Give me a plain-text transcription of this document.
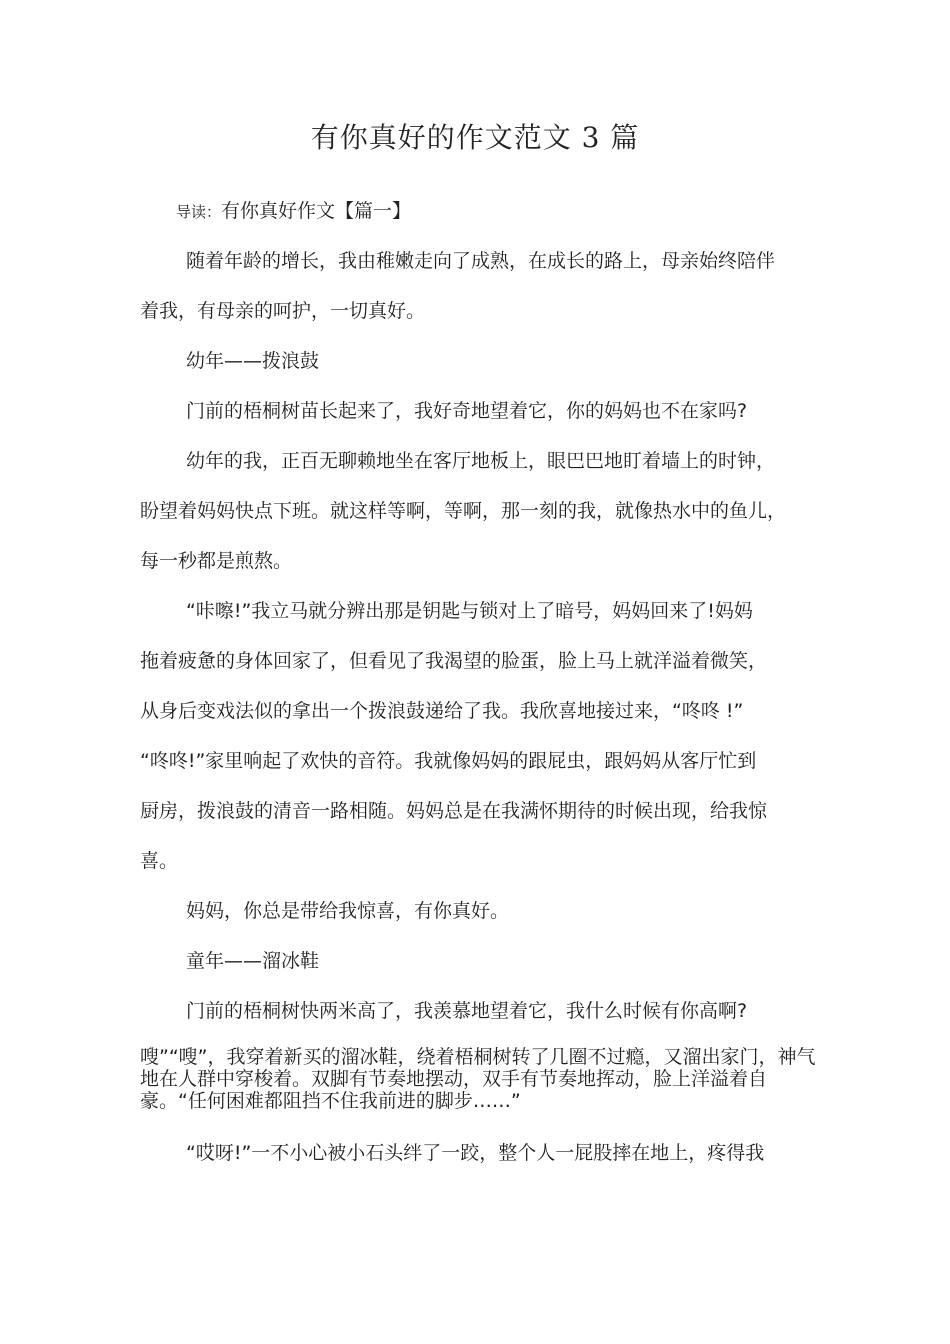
有你真好的作文范文 3 篇
导读：有你真好作文【篇一】
随着年龄的增长，我由稚嫩走向了成熟，在成长的路上，母亲始终陪伴
着我，有母亲的呵护，一切真好。
幼年——拨浪鼓
门前的梧桐树苗长起来了，我好奇地望着它，你的妈妈也不在家吗?
幼年的我，正百无聊赖地坐在客厅地板上，眼巴巴地盯着墙上的时钟，
盼望着妈妈快点下班。就这样等啊，等啊，那一刻的我，就像热水中的鱼儿，
每一秒都是煎熬。
“咔嚓!”我立马就分辨出那是钥匙与锁对上了暗号，妈妈回来了!妈妈
拖着疲惫的身体回家了，但看见了我渴望的脸蛋，脸上马上就洋溢着微笑，
从身后变戏法似的拿出一个拨浪鼓递给了我。我欣喜地接过来，“咚咚 !”
“咚咚!”家里响起了欢快的音符。我就像妈妈的跟屁虫，跟妈妈从客厅忙到
厨房，拨浪鼓的清音一路相随。妈妈总是在我满怀期待的时候出现，给我惊
喜。
妈妈，你总是带给我惊喜，有你真好。
童年——溜冰鞋
门前的梧桐树快两米高了，我羡慕地望着它，我什么时候有你高啊?
嗖”“嗖”，我穿着新买的溜冰鞋，绕着梧桐树转了几圈不过瘾，又溜出家门，神气地在人群中穿梭着。双脚有节奏地摆动，双手有节奏地挥动，脸上洋溢着自豪。“任何困难都阻挡不住我前进的脚步……”
“哎呀!”一不小心被小石头绊了一跤，整个人一屁股摔在地上，疼得我
